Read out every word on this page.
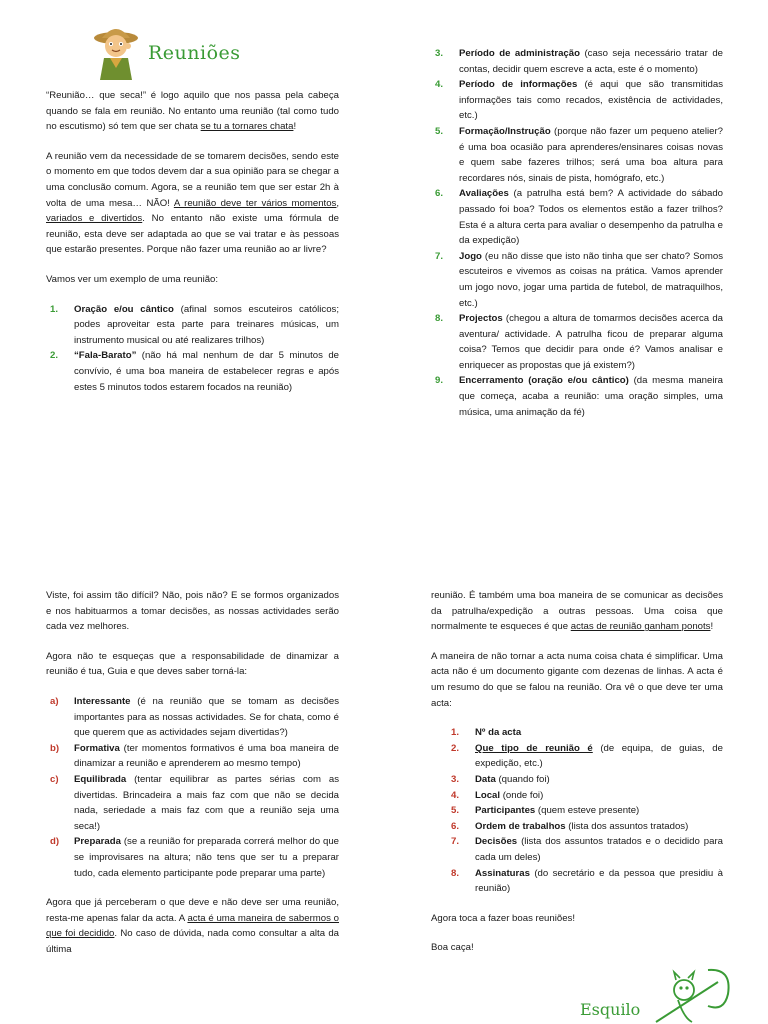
Reuniões

“Reunião… que seca!” é logo aquilo que nos passa pela cabeça quando se fala em reunião. No entanto uma reunião (tal como tudo no escutismo) só tem que ser chata se tu a tornares chata!

A reunião vem da necessidade de se tomarem decisões, sendo este o momento em que todos devem dar a sua opinião para se chegar a uma conclusão comum. Agora, se a reunião tem que ser estar 2h à volta de uma mesa… NÃO! A reunião deve ter vários momentos, variados e divertidos. No entanto não existe uma fórmula de reunião, esta deve ser adaptada ao que se vai tratar e às pessoas que estarão presentes. Porque não fazer uma reunião ao ar livre?

Vamos ver um exemplo de uma reunião:

1. Oração e/ou cântico (afinal somos escuteiros católicos; podes aproveitar esta parte para treinares músicas, um instrumento musical ou até realizares trilhos)
2. “Fala-Barato” (não há mal nenhum de dar 5 minutos de convívio, é uma boa maneira de estabelecer regras e após estes 5 minutos todos estarem focados na reunião)
3. Período de administração (caso seja necessário tratar de contas, decidir quem escreve a acta, este é o momento)
4. Período de informações (é aqui que são transmitidas informações tais como recados, existência de actividades, etc.)
5. Formação/Instrução (porque não fazer um pequeno atelier? é uma boa ocasião para aprenderes/ensinares coisas novas e quem sabe fazeres trilhos; será uma boa altura para recordares nós, sinais de pista, homógrafo, etc.)
6. Avaliações (a patrulha está bem? A actividade do sábado passado foi boa? Todos os elementos estão a fazer trilhos? Esta é a altura certa para avaliar o desempenho da patrulha e da expedição)
7. Jogo (eu não disse que isto não tinha que ser chato? Somos escuteiros e vivemos as coisas na prática. Vamos aprender um jogo novo, jogar uma partida de futebol, de matraquilhos, etc.)
8. Projectos (chegou a altura de tomarmos decisões acerca da aventura/ actividade. A patrulha ficou de preparar alguma coisa? Temos que decidir para onde é? Vamos analisar e enriquecer as propostas que já existem?)
9. Encerramento (oração e/ou cântico) (da mesma maneira que começa, acaba a reunião: uma oração simples, uma música, uma animação da fé)

Viste, foi assim tão difícil? Não, pois não? E se formos organizados e nos habituarmos a tomar decisões, as nossas actividades serão cada vez melhores.

Agora não te esqueças que a responsabilidade de dinamizar a reunião é tua, Guia e que deves saber torná-la:

a) Interessante (é na reunião que se tomam as decisões importantes para as nossas actividades. Se for chata, como é que querem que as actividades sejam divertidas?)
b) Formativa (ter momentos formativos é uma boa maneira de dinamizar a reunião e aprenderem ao mesmo tempo)
c) Equilibrada (tentar equilibrar as partes sérias com as divertidas. Brincadeira a mais faz com que não se decida nada, seriedade a mais faz com que a reunião seja uma seca!)
d) Preparada (se a reunião for preparada correrá melhor do que se improvisares na altura; não tens que ser tu a preparar tudo, cada elemento participante pode preparar uma parte)

Agora que já perceberam o que deve e não deve ser uma reunião, resta-me apenas falar da acta. A acta é uma maneira de sabermos o que foi decidido. No caso de dúvida, nada como consultar a alta da última

reunião. É também uma boa maneira de se comunicar as decisões da patrulha/expedição a outras pessoas. Uma coisa que normalmente te esqueces é que actas de reunião ganham ponots!

A maneira de não tornar a acta numa coisa chata é simplificar. Uma acta não é um documento gigante com dezenas de linhas. A acta é um resumo do que se falou na reunião. Ora vê o que deve ter uma acta:

1. Nº da acta
2. Que tipo de reunião é (de equipa, de guias, de expedição, etc.)
3. Data (quando foi)
4. Local (onde foi)
5. Participantes (quem esteve presente)
6. Ordem de trabalhos (lista dos assuntos tratados)
7. Decisões (lista dos assuntos tratados e o decidido para cada um deles)
8. Assinaturas (do secretário e da pessoa que presidiu à reunião)

Agora toca a fazer boas reuniões!

Boa caça!

Esquilo
